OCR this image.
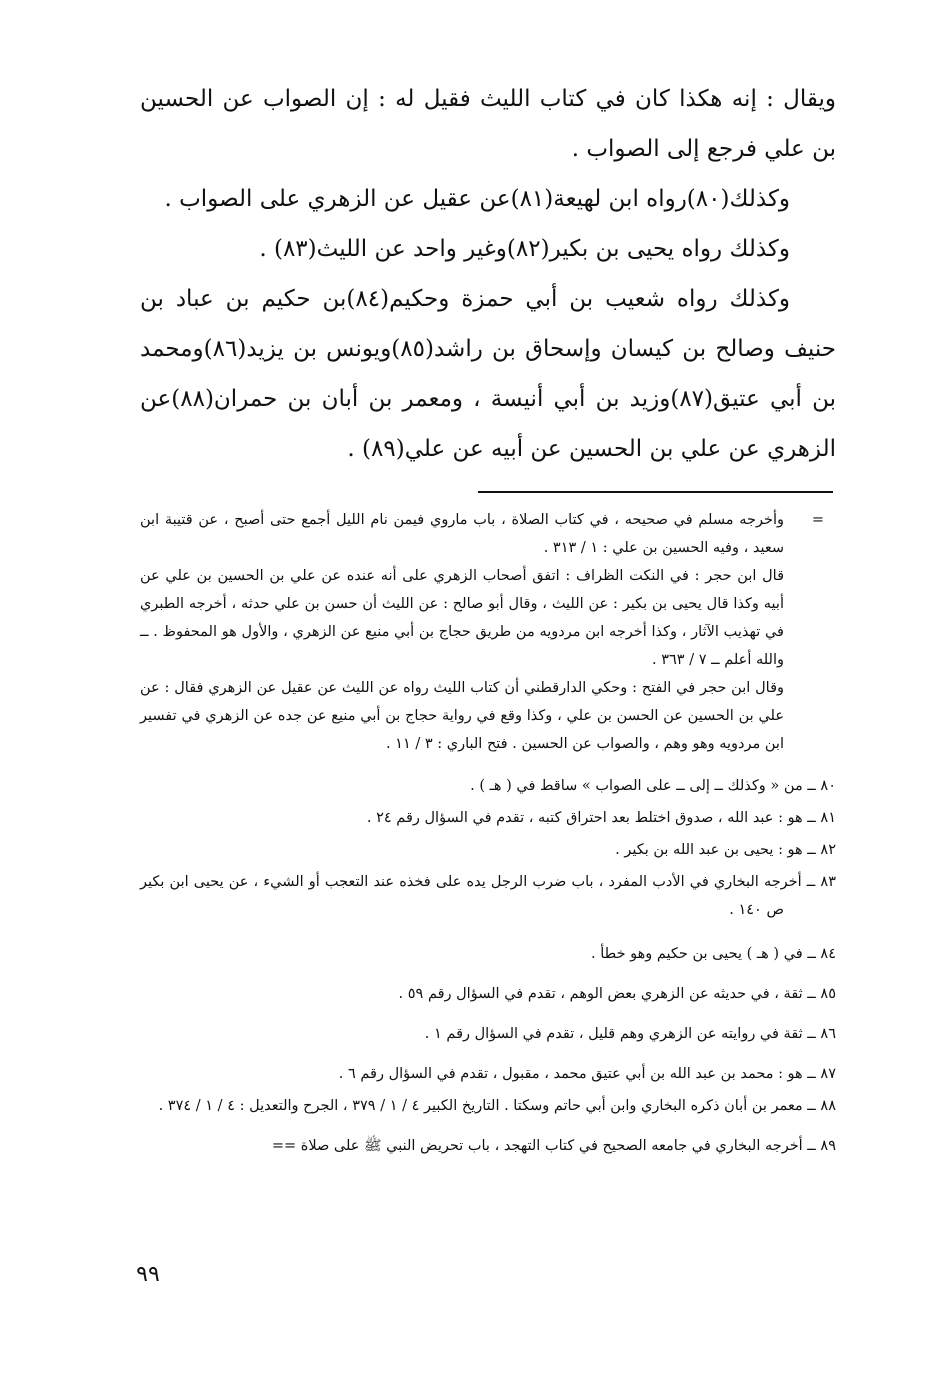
ويقال : إنه هكذا كان في كتاب الليث فقيل له : إن الصواب عن الحسين بن علي فرجع إلى الصواب .

وكذلك(٨٠)رواه ابن لهيعة(٨١)عن عقيل عن الزهري على الصواب .

وكذلك رواه يحيى بن بكير(٨٢)وغير واحد عن الليث(٨٣) .

وكذلك رواه شعيب بن أبي حمزة وحكيم(٨٤)بن حكيم بن عباد بن حنيف وصالح بن كيسان وإسحاق بن راشد(٨٥)ويونس بن يزيد(٨٦)ومحمد بن أبي عتيق(٨٧)وزيد بن أبي أنيسة ، ومعمر بن أبان بن حمران(٨٨)عن الزهري عن علي بن الحسين عن أبيه عن علي(٨٩) .

=

وأخرجه مسلم في صحيحه ، في كتاب الصلاة ، باب ماروي فيمن نام الليل أجمع حتى أصبح ، عن قتيبة ابن سعيد ، وفيه الحسين بن علي : ١ / ٣١٣ .

قال ابن حجر : في النكت الظراف : اتفق أصحاب الزهري على أنه عنده عن علي بن الحسين بن علي عن أبيه وكذا قال يحيى بن بكير : عن الليث ، وقال أبو صالح : عن الليث أن حسن بن علي حدثه ، أخرجه الطبري في تهذيب الآثار ، وكذا أخرجه ابن مردويه من طريق حجاج بن أبي منيع عن الزهري ، والأول هو المحفوظ . ــ والله أعلم ــ ٧ / ٣٦٣ .

وقال ابن حجر في الفتح : وحكي الدارقطني أن كتاب الليث رواه عن الليث عن عقيل عن الزهري فقال : عن علي بن الحسين عن الحسن بن علي ، وكذا وقع في رواية حجاج بن أبي منيع عن جده عن الزهري في تفسير ابن مردويه وهو وهم ، والصواب عن الحسين . فتح الباري : ٣ / ١١ .

٨٠ ــ من « وكذلك ــ إلى ــ على الصواب » ساقط في ( هـ ) .

٨١ ــ هو : عبد الله ، صدوق اختلط بعد احتراق كتبه ، تقدم في السؤال رقم ٢٤ .

٨٢ ــ هو : يحيى بن عبد الله بن بكير .

٨٣ ــ أخرجه البخاري في الأدب المفرد ، باب ضرب الرجل يده على فخذه عند التعجب أو الشيء ، عن يحيى ابن بكير ص ١٤٠ .

٨٤ ــ في ( هـ ) يحيى بن حكيم وهو خطأ .

٨٥ ــ ثقة ، في حديثه عن الزهري بعض الوهم ، تقدم في السؤال رقم ٥٩ .

٨٦ ــ ثقة في روايته عن الزهري وهم قليل ، تقدم في السؤال رقم ١ .

٨٧ ــ هو : محمد بن عبد الله بن أبي عتيق محمد ، مقبول ، تقدم في السؤال رقم ٦ .

٨٨ ــ معمر بن أبان ذكره البخاري وابن أبي حاتم وسكتا . التاريخ الكبير ٤ / ١ / ٣٧٩ ، الجرح والتعديل : ٤ / ١ / ٣٧٤ .

٨٩ ــ أخرجه البخاري في جامعه الصحيح في كتاب التهجد ، باب تحريض النبي ﷺ على صلاة ==

٩٩
